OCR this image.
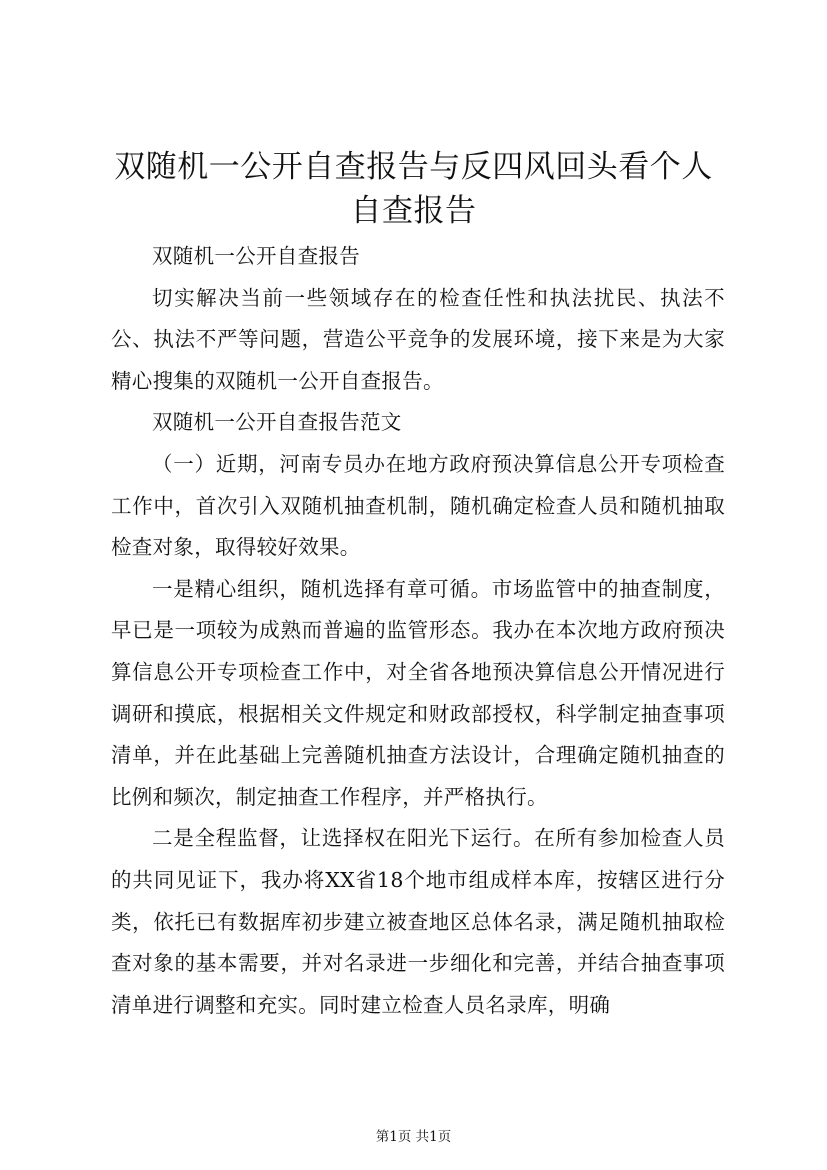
双随机一公开自查报告与反四风回头看个人自查报告

双随机一公开自查报告

切实解决当前一些领域存在的检查任性和执法扰民、执法不公、执法不严等问题，营造公平竞争的发展环境，接下来是为大家精心搜集的双随机一公开自查报告。

双随机一公开自查报告范文

（一）近期，河南专员办在地方政府预决算信息公开专项检查工作中，首次引入双随机抽查机制，随机确定检查人员和随机抽取检查对象，取得较好效果。

一是精心组织，随机选择有章可循。市场监管中的抽查制度，早已是一项较为成熟而普遍的监管形态。我办在本次地方政府预决算信息公开专项检查工作中，对全省各地预决算信息公开情况进行调研和摸底，根据相关文件规定和财政部授权，科学制定抽查事项清单，并在此基础上完善随机抽查方法设计，合理确定随机抽查的比例和频次，制定抽查工作程序，并严格执行。

二是全程监督，让选择权在阳光下运行。在所有参加检查人员的共同见证下，我办将XX省18个地市组成样本库，按辖区进行分类，依托已有数据库初步建立被查地区总体名录，满足随机抽取检查对象的基本需要，并对名录进一步细化和完善，并结合抽查事项清单进行调整和充实。同时建立检查人员名录库，明确

第1页 共1页
